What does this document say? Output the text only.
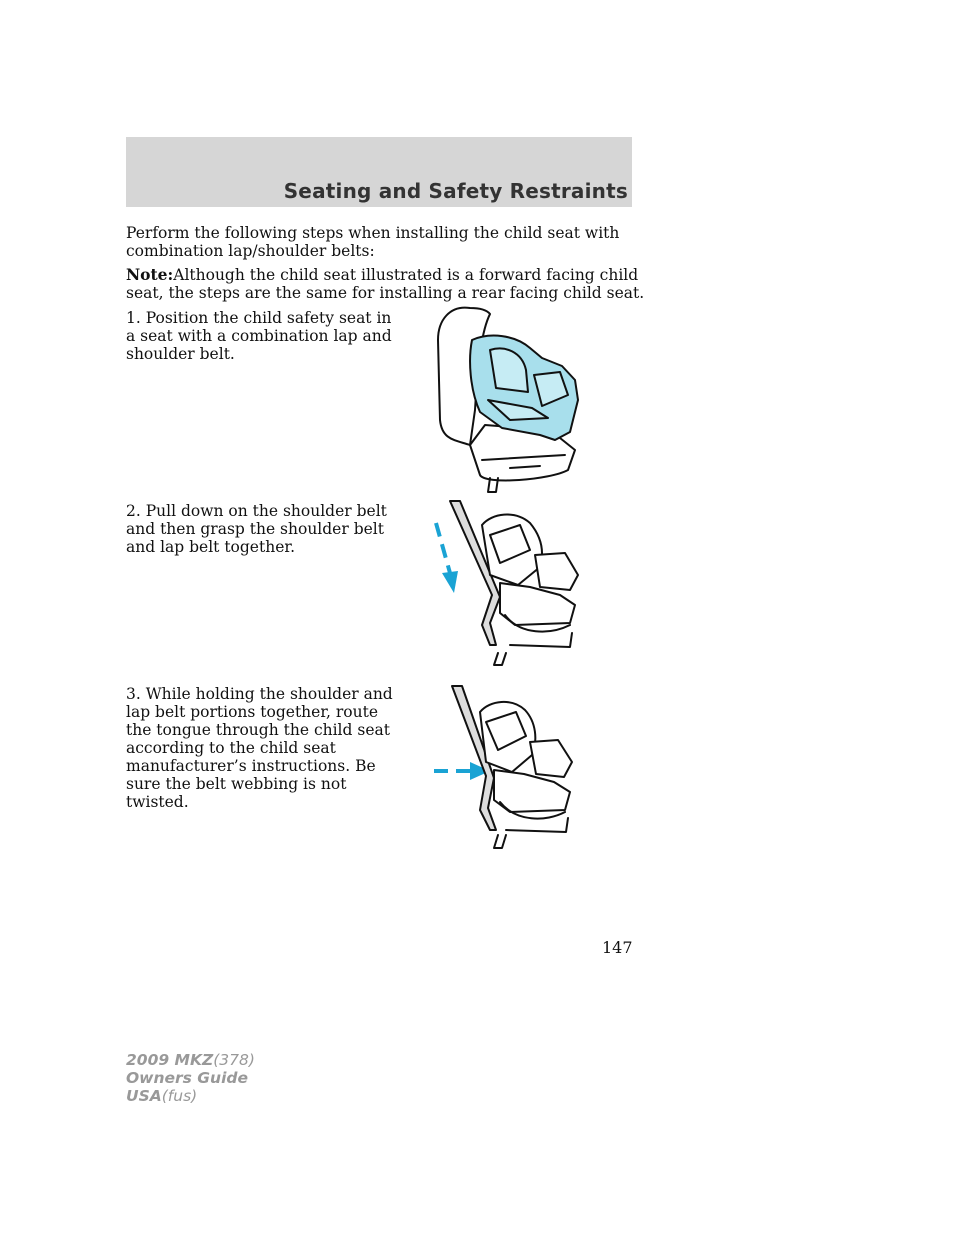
Seating and Safety Restraints
Perform the following steps when installing the child seat with combination lap/shoulder belts:
Note:Although the child seat illustrated is a forward facing child seat, the steps are the same for installing a rear facing child seat.
1. Position the child safety seat in a seat with a combination lap and shoulder belt.
2. Pull down on the shoulder belt and then grasp the shoulder belt and lap belt together.
3. While holding the shoulder and lap belt portions together, route the tongue through the child seat according to the child seat manufacturer’s instructions. Be sure the belt webbing is not twisted.
147
2009 MKZ(378)
Owners Guide
USA(fus)
